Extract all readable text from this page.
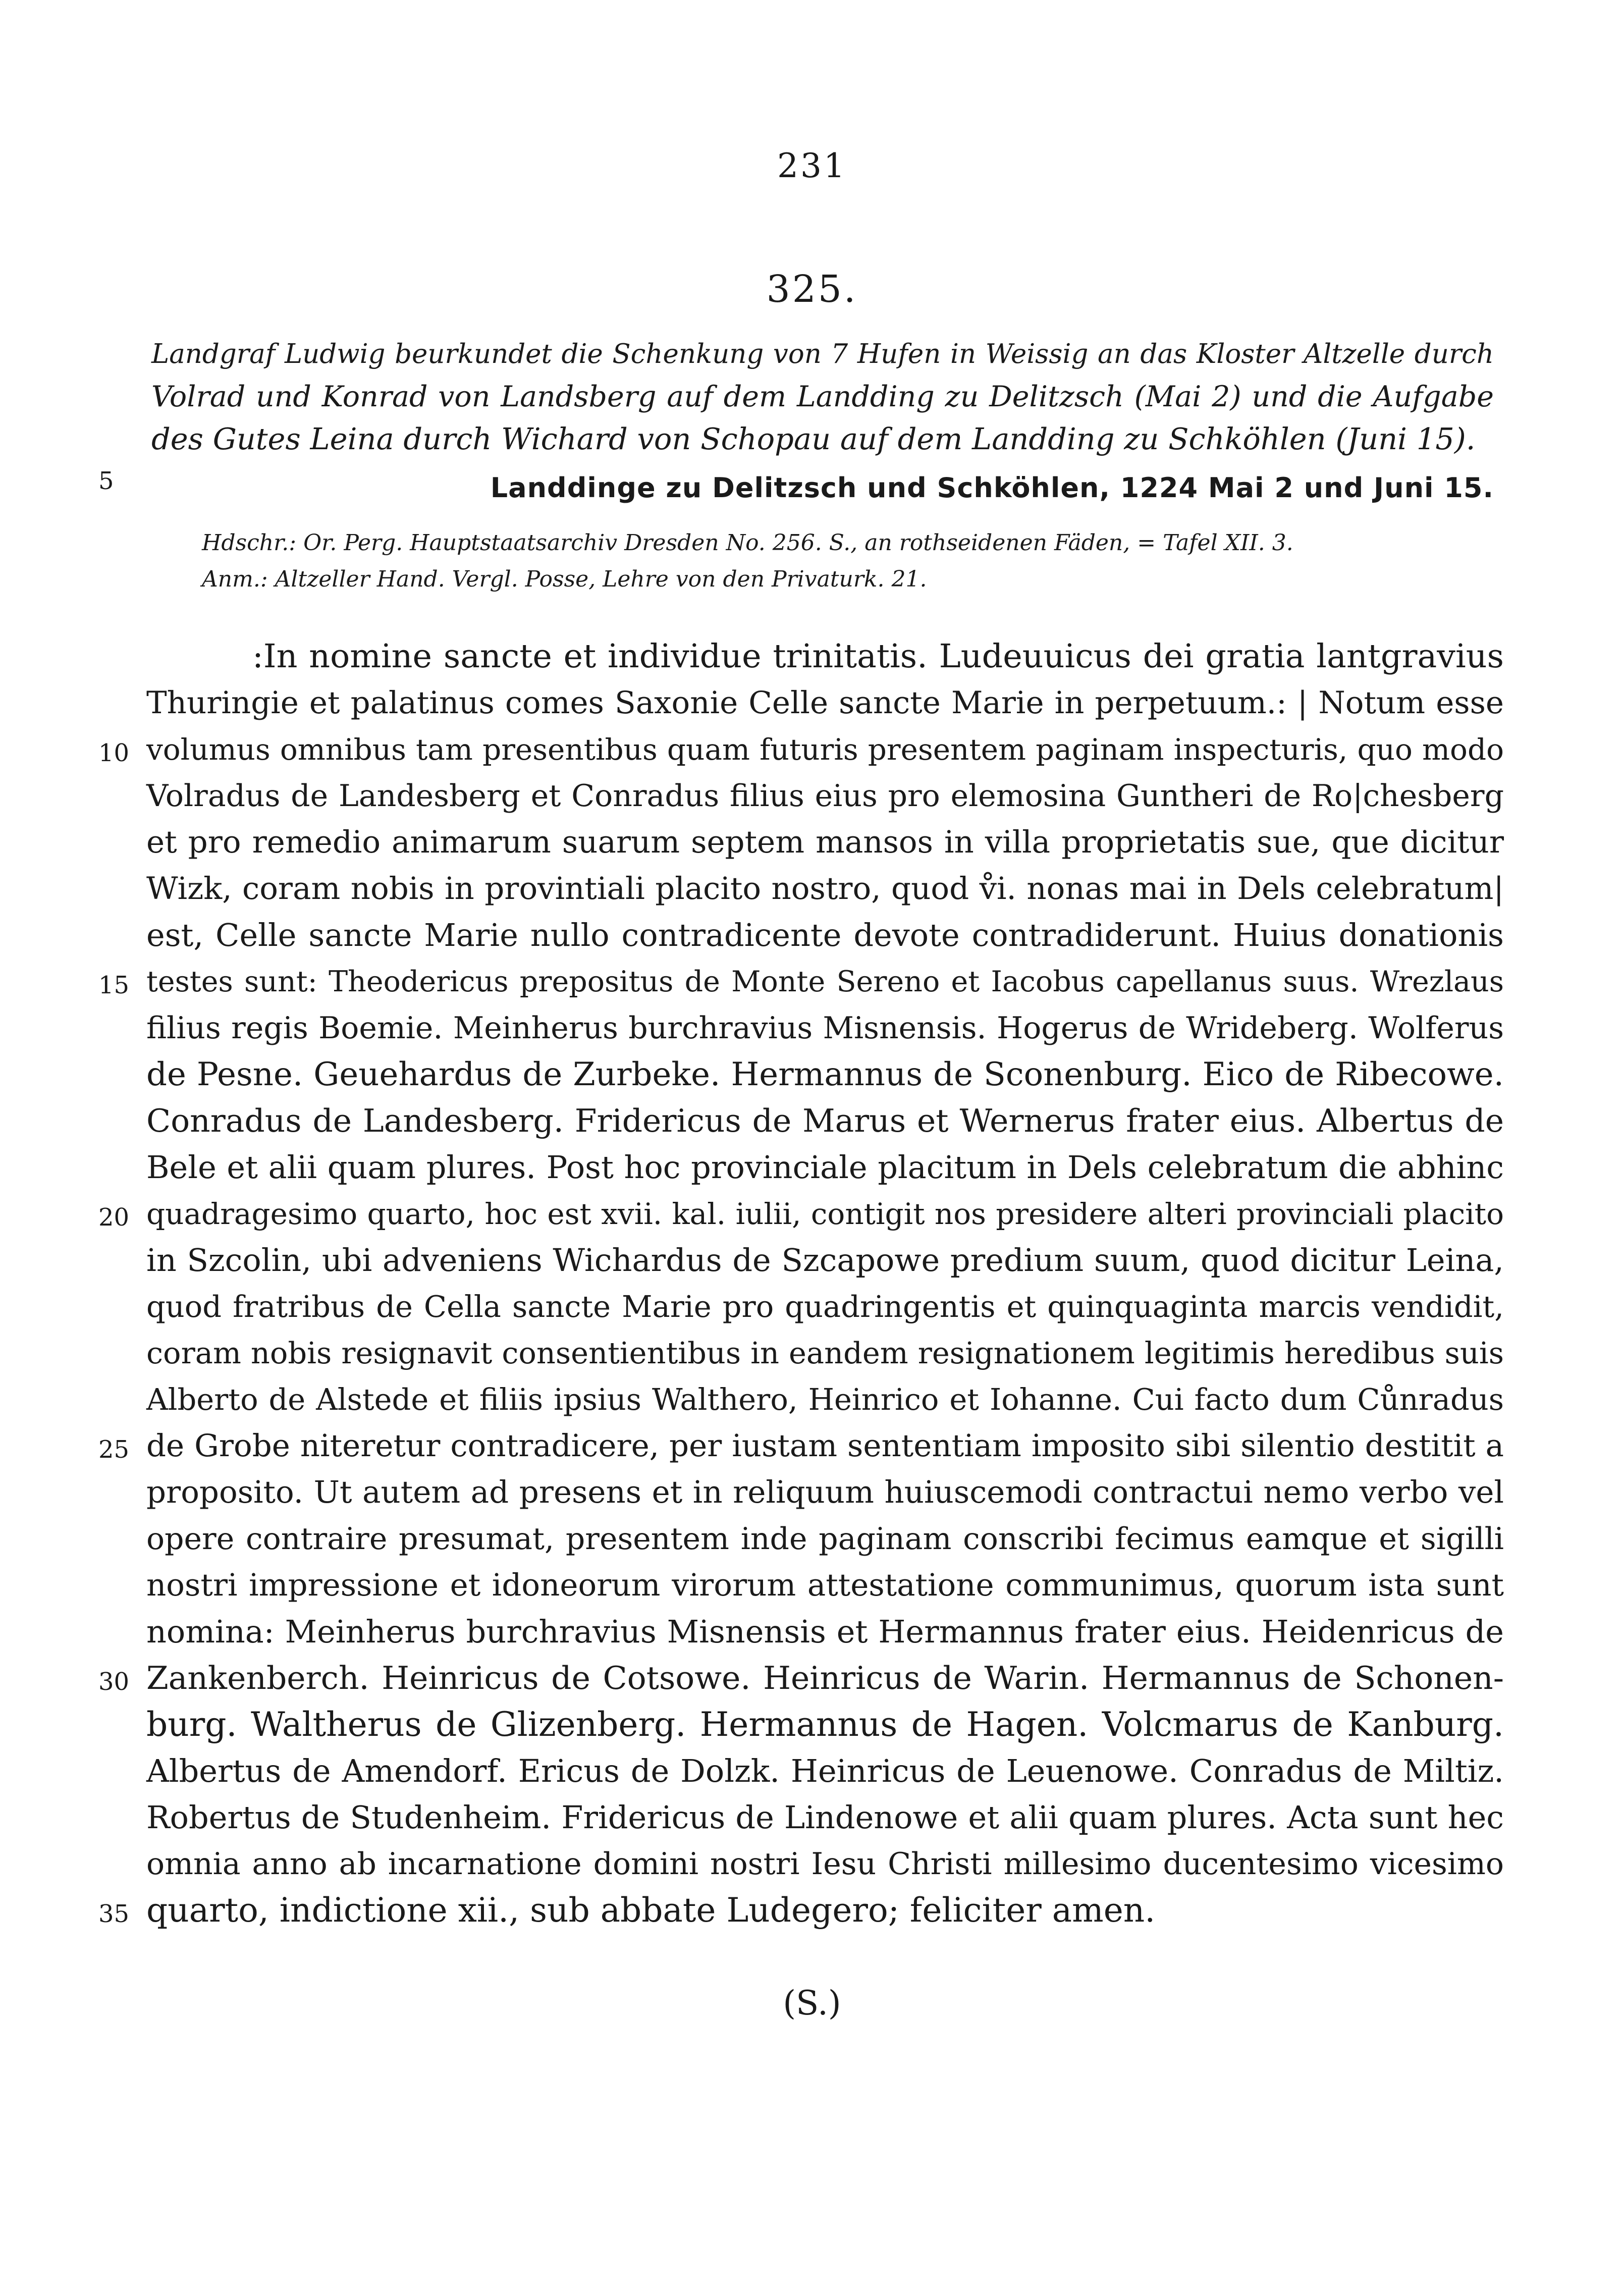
231
325.
Landgraf Ludwig beurkundet die Schenkung von 7 Hufen in Weissig an das Kloster Altzelle durch
Volrad und Konrad von Landsberg auf dem Landding zu Delitzsch (Mai 2) und die Aufgabe
des Gutes Leina durch Wichard von Schopau auf dem Landding zu Schköhlen (Juni 15).
5	Landdinge zu Delitzsch und Schköhlen, 1224 Mai 2 und Juni 15.
Hdschr.: Or. Perg. Hauptstaatsarchiv Dresden No. 256. S., an rothseidenen Fäden, = Tafel XII. 3.
Anm.: Altzeller Hand. Vergl. Posse, Lehre von den Privaturk. 21.
10
15
20
25
30
35
:In nomine sancte et individue trinitatis. Ludeuuicus dei gratia lantgravius
Thuringie et palatinus comes Saxonie Celle sancte Marie in perpetuum.: | Notum esse
volumus omnibus tam presentibus quam futuris presentem paginam inspecturis, quo modo
Volradus de Landesberg et Conradus filius eius pro elemosina Guntheri de Ro|chesberg
et pro remedio animarum suarum septem mansos in villa proprietatis sue, que dicitur
Wizk, coram nobis in provintiali placito nostro, quod v̊i. nonas mai in Dels celebratum|
est, Celle sancte Marie nullo contradicente devote contradiderunt. Huius donationis
testes sunt: Theodericus prepositus de Monte Sereno et Iacobus capellanus suus. Wrezlaus
filius regis Boemie. Meinherus burchravius Misnensis. Hogerus de Wrideberg. Wolferus
de Pesne. Geuehardus de Zurbeke. Hermannus de Sconenburg. Eico de Ribecowe.
Conradus de Landesberg. Fridericus de Marus et Wernerus frater eius. Albertus de
Bele et alii quam plures. Post hoc provinciale placitum in Dels celebratum die abhinc
quadragesimo quarto, hoc est xvii. kal. iulii, contigit nos presidere alteri provinciali placito
in Szcolin, ubi adveniens Wichardus de Szcapowe predium suum, quod dicitur Leina,
quod fratribus de Cella sancte Marie pro quadringentis et quinquaginta marcis vendidit,
coram nobis resignavit consentientibus in eandem resignationem legitimis heredibus suis
Alberto de Alstede et filiis ipsius Walthero, Heinrico et Iohanne. Cui facto dum Cůnradus
de Grobe niteretur contradicere, per iustam sententiam imposito sibi silentio destitit a
proposito. Ut autem ad presens et in reliquum huiuscemodi contractui nemo verbo vel
opere contraire presumat, presentem inde paginam conscribi fecimus eamque et sigilli
nostri impressione et idoneorum virorum attestatione communimus, quorum ista sunt
nomina: Meinherus burchravius Misnensis et Hermannus frater eius. Heidenricus de
Zankenberch. Heinricus de Cotsowe. Heinricus de Warin. Hermannus de Schonen-
burg. Waltherus de Glizenberg. Hermannus de Hagen. Volcmarus de Kanburg.
Albertus de Amendorf. Ericus de Dolzk. Heinricus de Leuenowe. Conradus de Miltiz.
Robertus de Studenheim. Fridericus de Lindenowe et alii quam plures. Acta sunt hec
omnia anno ab incarnatione domini nostri Iesu Christi millesimo ducentesimo vicesimo
quarto, indictione xii., sub abbate Ludegero; feliciter amen.
(S.)
